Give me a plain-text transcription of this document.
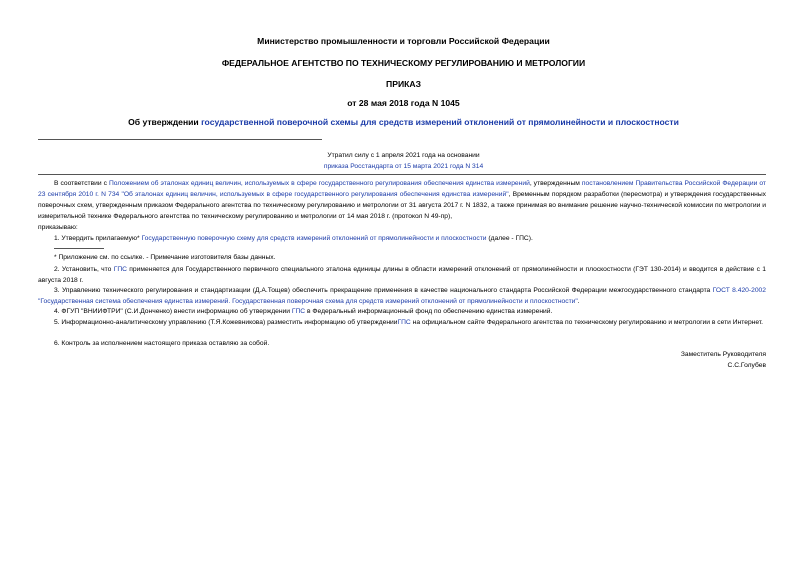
Министерство промышленности и торговли Российской Федерации
ФЕДЕРАЛЬНОЕ АГЕНТСТВО ПО ТЕХНИЧЕСКОМУ РЕГУЛИРОВАНИЮ И МЕТРОЛОГИИ
ПРИКАЗ
от 28 мая 2018 года N 1045
Об утверждении государственной поверочной схемы для средств измерений отклонений от прямолинейности и плоскостности
Утратил силу с 1 апреля 2021 года на основании
приказа Росстандарта от 15 марта 2021 года N 314
В соответствии с Положением об эталонах единиц величин, используемых в сфере государственного регулирования обеспечения единства измерений, утвержденным постановлением Правительства Российской Федерации от 23 сентября 2010 г. N 734 "Об эталонах единиц величин, используемых в сфере государственного регулирования обеспечения единства измерений", Временным порядком разработки (пересмотра) и утверждения государственных поверочных схем, утвержденным приказом Федерального агентства по техническому регулированию и метрологии от 31 августа 2017 г. N 1832, а также принимая во внимание решение научно-технической комиссии по метрологии и измерительной технике Федерального агентства по техническому регулированию и метрологии от 14 мая 2018 г. (протокол N 49-пр),
приказываю:
1. Утвердить прилагаемую* Государственную поверочную схему для средств измерений отклонений от прямолинейности и плоскостности (далее - ГПС).
* Приложение см. по ссылке. - Примечание изготовителя базы данных.
2. Установить, что ГПС применяется для Государственного первичного специального эталона единицы длины в области измерений отклонений от прямолинейности и плоскостности (ГЭТ 130-2014) и вводится в действие с 1 августа 2018 г.
3. Управлению технического регулирования и стандартизации (Д.А.Тощев) обеспечить прекращение применения в качестве национального стандарта Российской Федерации межгосударственного стандарта ГОСТ 8.420-2002 "Государственная система обеспечения единства измерений. Государственная поверочная схема для средств измерений отклонений от прямолинейности и плоскостности".
4. ФГУП "ВНИИФТРИ" (С.И.Донченко) внести информацию об утверждении ГПС в Федеральный информационный фонд по обеспечению единства измерений.
5. Информационно-аналитическому управлению (Т.Я.Кожевникова) разместить информацию об утвержденииГПС на официальном сайте Федерального агентства по техническому регулированию и метрологии в сети Интернет.
6. Контроль за исполнением настоящего приказа оставляю за собой.
Заместитель Руководителя
С.С.Голубев
